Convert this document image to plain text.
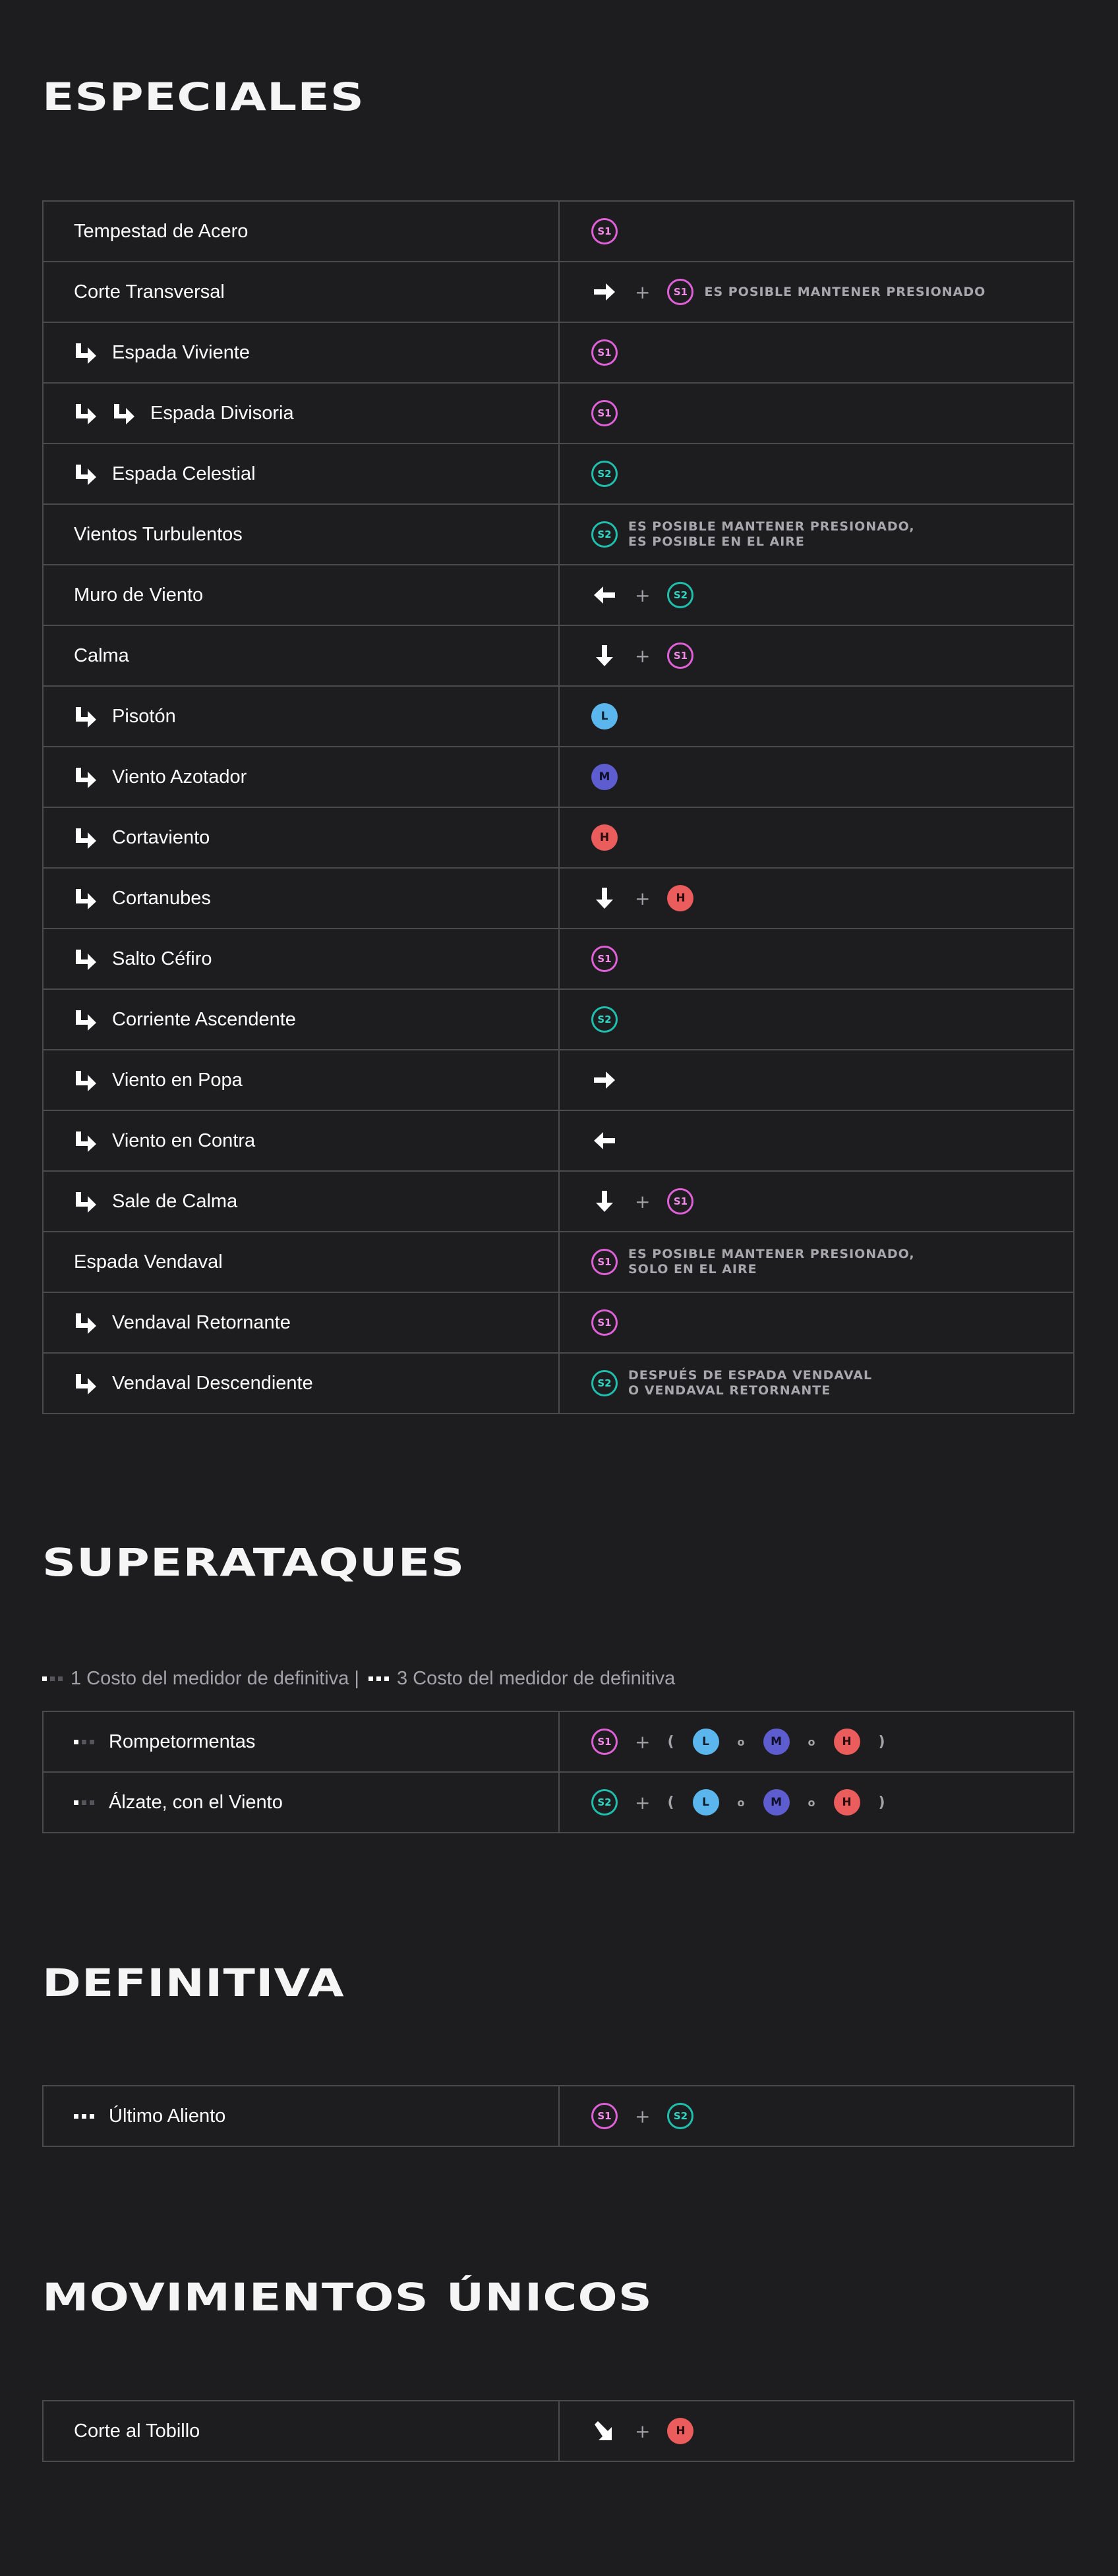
ESPECIALES
Tempestad de Acero	S1
Corte Transversal	+	S1	ES POSIBLE MANTENER PRESIONADO
Espada Viviente	S1
Espada Divisoria	S1
Espada Celestial	S2
Vientos Turbulentos	S2
ES POSIBLE MANTENER PRESIONADO,
ES POSIBLE EN EL AIRE
Muro de Viento	+	S2
Calma	+	S1
Pisotón	L
Viento Azotador	M
Cortaviento	H
Cortanubes	+	H
Salto Céfiro	S1
Corriente Ascendente	S2
Viento en Popa
Viento en Contra
Sale de Calma	+	S1
Espada Vendaval	S1
ES POSIBLE MANTENER PRESIONADO,
SOLO EN EL AIRE
Vendaval Retornante	S1
Vendaval Descendiente	S2
DESPUÉS DE ESPADA VENDAVAL
O VENDAVAL RETORNANTE
SUPERATAQUES
1 Costo del medidor de definitiva | 3 Costo del medidor de definitiva
Rompetormentas	S1	+ (	L	o	M	o	H	)
Álzate, con el Viento	S2	+ (	L	o	M	o	H	)
DEFINITIVA
Último Aliento	S1	+	S2
MOVIMIENTOS ÚNICOS
Corte al Tobillo	+	H
